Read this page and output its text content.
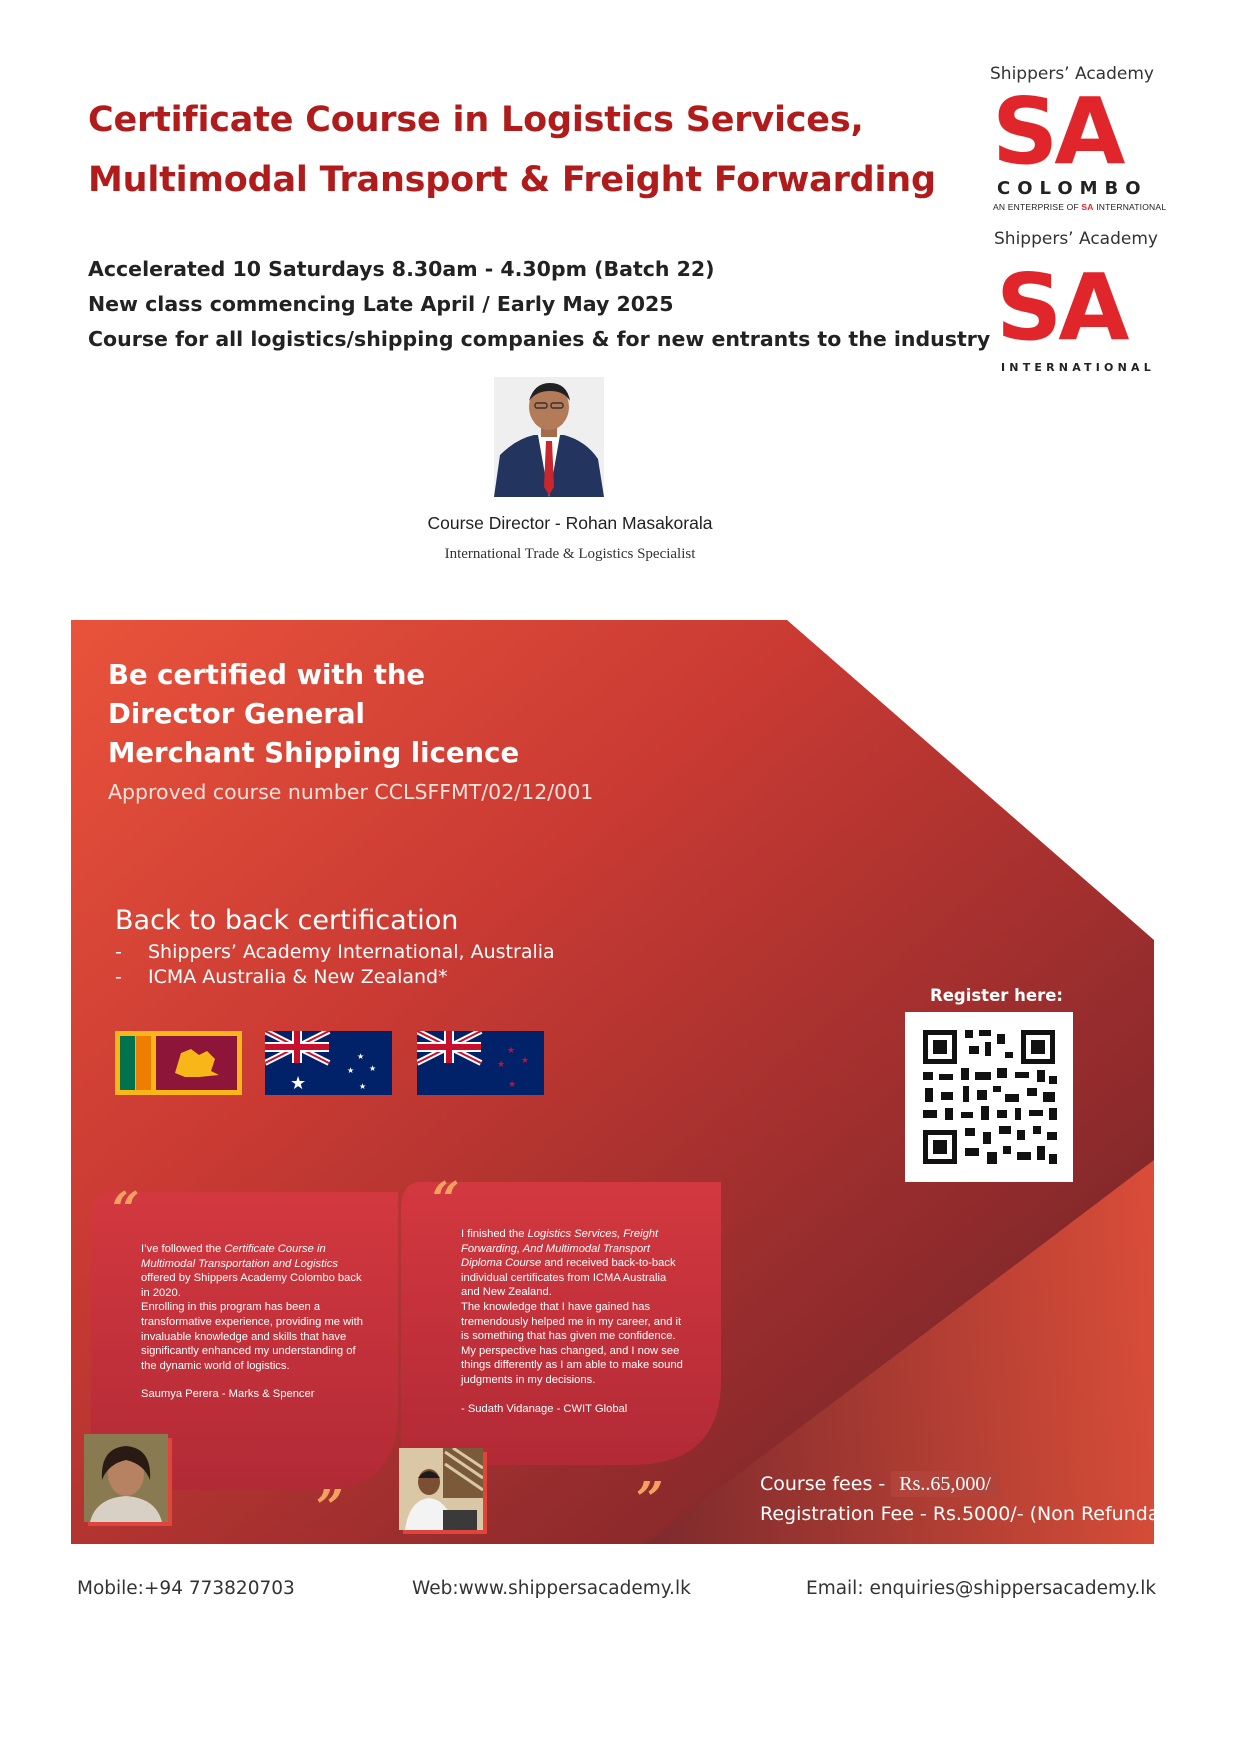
Certificate Course in Logistics Services,
Multimodal Transport & Freight Forwarding
Accelerated 10 Saturdays 8.30am - 4.30pm (Batch 22)
New class commencing Late April / Early May 2025
Course for all logistics/shipping companies & for new entrants to the industry
Shippers’ Academy
SA
COLOMBO
AN ENTERPRISE OF SA INTERNATIONAL
Shippers’ Academy
SA
INTERNATIONAL
Course Director - Rohan Masakorala
International Trade & Logistics Specialist
Be certified with the
Director General
Merchant Shipping licence
Approved course number CCLSFFMT/02/12/001
Back to back certification
- Shippers’ Academy International, Australia
- ICMA Australia & New Zealand*
★
★
★ ★
★
★
★ ★
★
Register here:
“

I’ve followed the Certificate Course in

Multimodal Transportation and Logistics

offered by Shippers Academy Colombo back

in 2020.

Enrolling in this program has been a

transformative experience, providing me with

invaluable knowledge and skills that have

significantly enhanced my understanding of

the dynamic world of logistics.

Saumya Perera - Marks & Spencer

”
“

I finished the Logistics Services, Freight

Forwarding, And Multimodal Transport

Diploma Course and received back-to-back

individual certificates from ICMA Australia

and New Zealand.

The knowledge that I have gained has

tremendously helped me in my career, and it

is something that has given me confidence.

My perspective has changed, and I now see

things differently as I am able to make sound

judgments in my decisions.

- Sudath Vidanage - CWIT Global

”	Course fees - Rs..65,000/
Registration Fee - Rs.5000/- (Non Refundable)
Mobile:+94 773820703	Web:www.shippersacademy.lk	Email: enquiries@shippersacademy.lk
